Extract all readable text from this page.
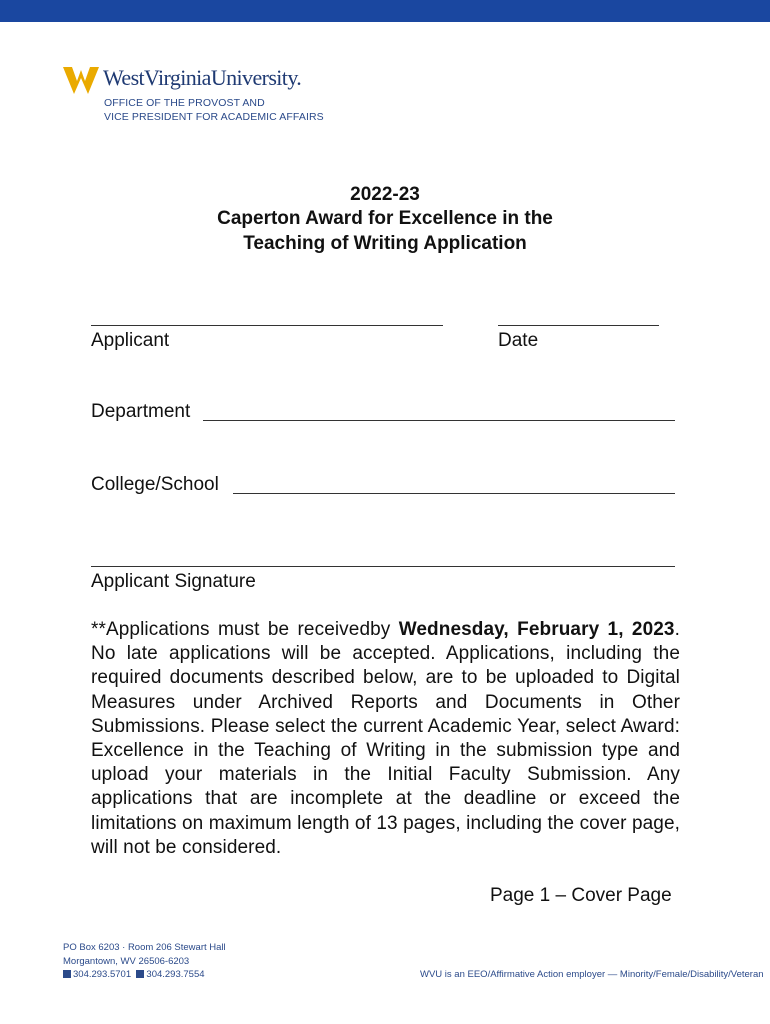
WestVirginiaUniversity.
OFFICE OF THE PROVOST AND
VICE PRESIDENT FOR ACADEMIC AFFAIRS
2022-23
Caperton Award for Excellence in the
Teaching of Writing Application
Applicant	Date
Department
College/School
Applicant Signature
**Applications must be receivedby Wednesday, February 1, 2023. No late applications will be accepted. Applications, including the required documents described below, are to be uploaded to Digital Measures under Archived Reports and Documents in Other Submissions. Please select the current Academic Year, select Award: Excellence in the Teaching of Writing in the submission type and upload your materials in the Initial Faculty Submission. Any applications that are incomplete at the deadline or exceed the limitations on maximum length of 13 pages, including the cover page, will not be considered.
Page 1 – Cover Page
PO Box 6203 · Room 206 Stewart Hall
Morgantown, WV 26506-6203
304.293.5701 304.293.7554	WVU is an EEO/Affirmative Action employer — Minority/Female/Disability/Veteran
